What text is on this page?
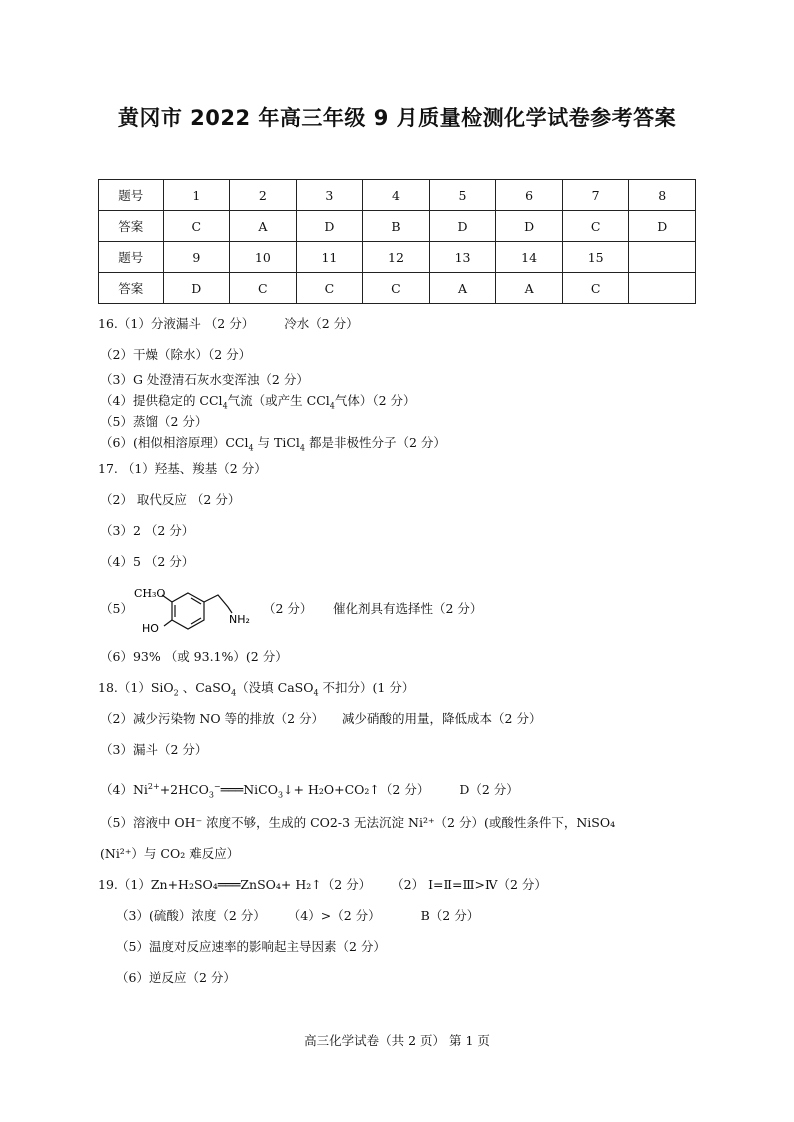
黄冈市 2022 年高三年级 9 月质量检测化学试卷参考答案
题号	1	2	3	4	5	6	7	8
答案	C	A	D	B	D	D	C	D
题号	9	10	11	12	13	14	15	
答案	D	C	C	C	A	A	C	
16.（1）分液漏斗 （2 分） 冷水（2 分）
（2）干燥（除水）（2 分）
（3）G 处澄清石灰水变浑浊（2 分）
（4）提供稳定的 CCl$_4$气流（或产生 CCl$_4$气体）（2 分）
（5）蒸馏（2 分）
（6）(相似相溶原理）CCl$_4$ 与 TiCl$_4$ 都是非极性分子（2 分）
17. （1）羟基、羧基（2 分）
（2） 取代反应 （2 分）
（3）2 （2 分）
（4）5 （2 分）
（5）
CH₃O
HO
NH₂
（2 分） 催化剂具有选择性（2 分）
（6）93% （或 93.1%）(2 分）
18.（1）SiO$_2$ 、CaSO$_4$（没填 CaSO$_4$ 不扣分）(1 分）
（2）减少污染物 NO 等的排放（2 分） 减少硝酸的用量，降低成本（2 分）
（3）漏斗（2 分）
$(4)Ni^{2+}+2HCO_3^-═══NiCO_3↓+$ H₂O+CO₂↑（2 分） D（2 分）
（5）溶液中 OH⁻ 浓度不够，生成的 CO2-3 无法沉淀 Ni²⁺（2 分）(或酸性条件下，NiSO₄
(Ni²⁺）与 CO₂ 难反应）
19.（1）Zn+H₂SO₄═══ZnSO₄+ H₂↑（2 分） （2） Ⅰ=Ⅱ=Ⅲ>Ⅳ（2 分）
（3）(硫酸）浓度（2 分） （4）>（2 分）	B（2 分）
（5）温度对反应速率的影响起主导因素（2 分）
（6）逆反应（2 分）
高三化学试卷（共 2 页） 第 1 页
